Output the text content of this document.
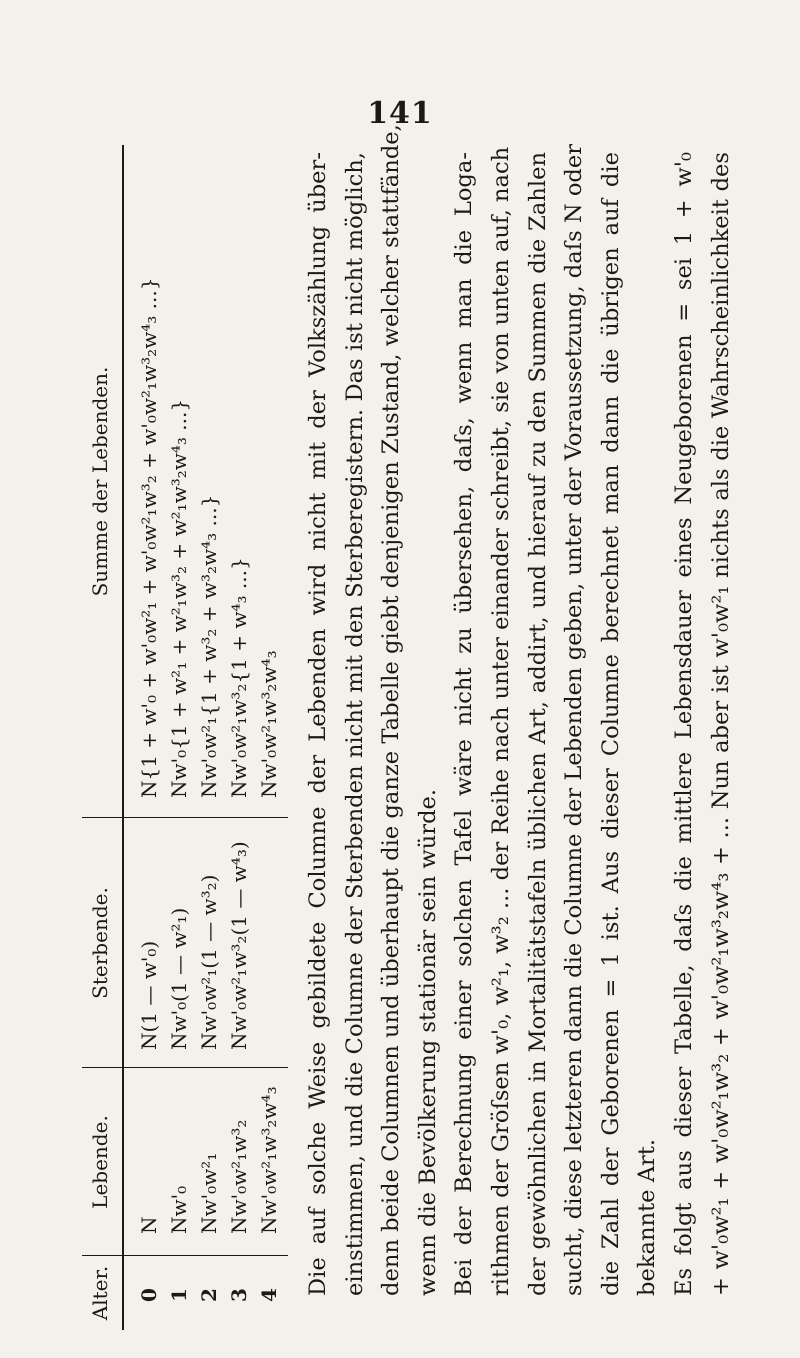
141
Alter.
Lebende.
Sterbende.
Summe der Lebenden.
0 1 2 3 4
N Nw'₀ Nw'₀w²₁ Nw'₀w²₁w³₂ Nw'₀w²₁w³₂w⁴₃
N(1 — w'₀) Nw'₀(1 — w²₁) Nw'₀w²₁(1 — w³₂) Nw'₀w²₁w³₂(1 — w⁴₃)
N{1 + w'₀ + w'₀w²₁ + w'₀w²₁w³₂ + w'₀w²₁w³₂w⁴₃ ...} Nw'₀{1 + w²₁ + w²₁w³₂ + w²₁w³₂w⁴₃ ...} Nw'₀w²₁{1 + w³₂ + w³₂w⁴₃ ...} Nw'₀w²₁w³₂{1 + w⁴₃ ...} Nw'₀w²₁w³₂w⁴₃ Die auf solche Weise gebildete Columne der Lebenden wird nicht mit der Volkszählung über- einstimmen, und die Columne der Sterbenden nicht mit den Sterberegistern. Das ist nicht möglich, denn beide Columnen und überhaupt die ganze Tabelle giebt denjenigen Zustand, welcher stattfände, wenn die Bevölkerung stationär sein würde. Bei der Berechnung einer solchen Tafel wäre nicht zu übersehen, daſs, wenn man die Loga- rithmen der Gröſsen w'₀, w²₁, w³₂ ... der Reihe nach unter einander schreibt, sie von unten auf, nach der gewöhnlichen in Mortalitätstafeln üblichen Art, addirt, und hierauf zu den Summen die Zahlen sucht, diese letzteren dann die Columne der Lebenden geben, unter der Voraussetzung, daſs N oder die Zahl der Geborenen = 1 ist. Aus dieser Columne berechnet man dann die übrigen auf die bekannte Art. Es folgt aus dieser Tabelle, daſs die mittlere Lebensdauer eines Neugeborenen = sei 1 + w'₀ + w'₀w²₁ + w'₀w²₁w³₂ + w'₀w²₁w³₂w⁴₃ + ... Nun aber ist w'₀w²₁ nichts als die Wahrscheinlichkeit des
